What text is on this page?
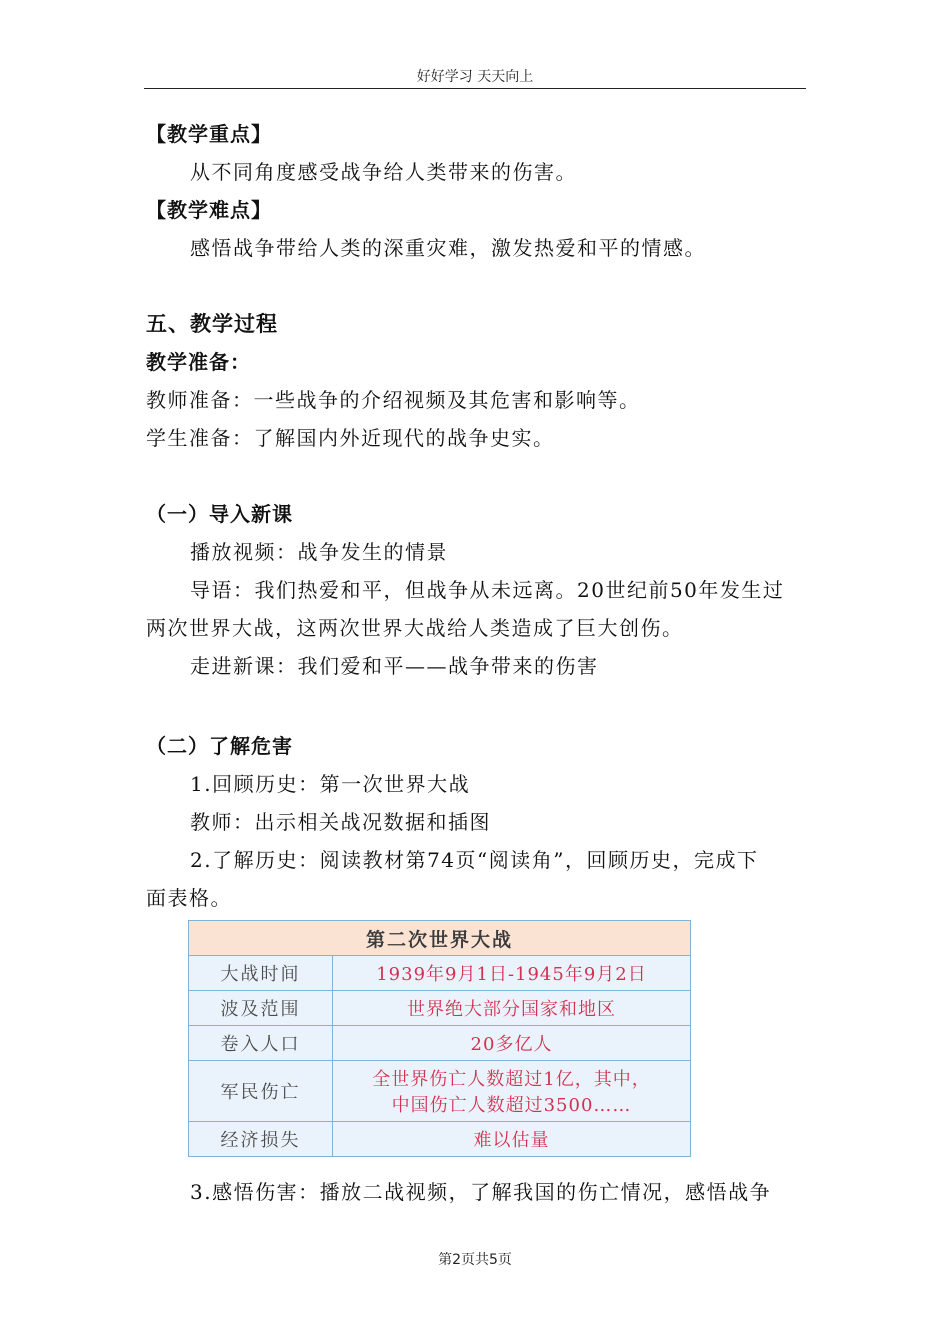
好好学习 天天向上
【教学重点】
从不同角度感受战争给人类带来的伤害。
【教学难点】
感悟战争带给人类的深重灾难，激发热爱和平的情感。
五、教学过程
教学准备：
教师准备：一些战争的介绍视频及其危害和影响等。
学生准备：了解国内外近现代的战争史实。
（一）导入新课
播放视频：战争发生的情景
导语：我们热爱和平，但战争从未远离。20世纪前50年发生过
两次世界大战，这两次世界大战给人类造成了巨大创伤。
走进新课：我们爱和平——战争带来的伤害
（二）了解危害
1.回顾历史：第一次世界大战
教师：出示相关战况数据和插图
2.了解历史：阅读教材第74页“阅读角”，回顾历史，完成下
面表格。
第二次世界大战	
大战时间	1939年9月1日-1945年9月2日
波及范围	世界绝大部分国家和地区
卷入人口	20多亿人
军民伤亡	全世界伤亡人数超过1亿，其中，
中国伤亡人数超过3500……

经济损失	难以估量
3.感悟伤害：播放二战视频，了解我国的伤亡情况，感悟战争
第2页共5页
